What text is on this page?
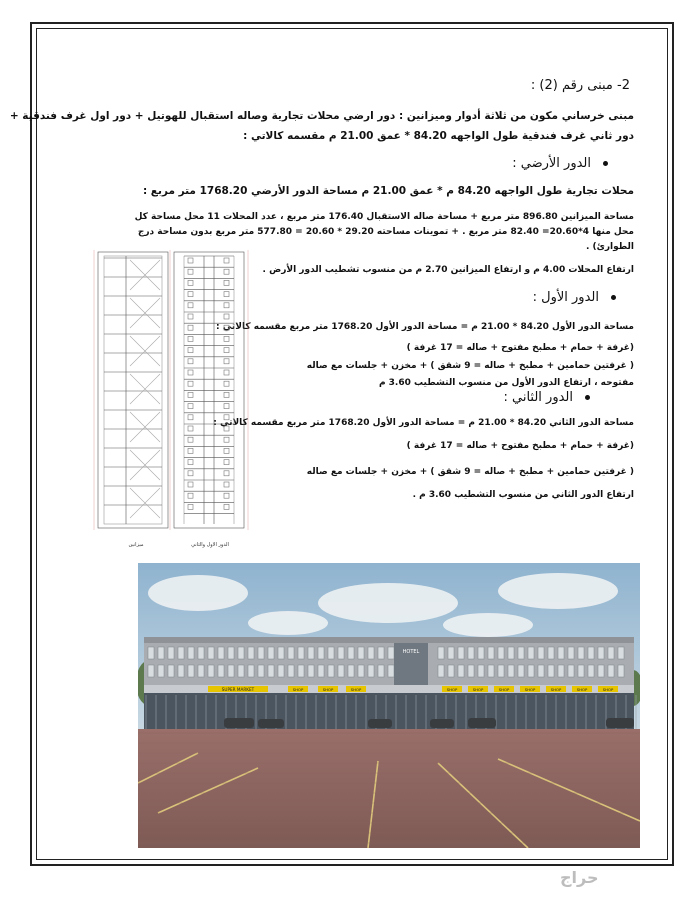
2- مبنى رقم (2) :
مبنى خرساني مكون من ثلاثة أدوار وميزانين : دور ارضي محلات تجارية وصاله استقبال للهوتيل + دور اول غرف فندقية +
دور ثاني غرف فندقية طول الواجهه 84.20 * عمق 21.00 م مقسمه كالاتي :
الدور الأرضي :
محلات تجارية طول الواجهه 84.20 م * عمق 21.00 م مساحة الدور الأرضي 1768.20 متر مربع :
مساحة الميزانين 896.80 متر مربع + مساحة صاله الاستقبال 176.40 متر مربع ، عدد المحلات 11 محل مساحة كل
محل منها 4*20.60= 82.40 متر مربع . + تموينات مساحته 29.20 * 20.60 = 577.80 متر مربع بدون مساحة درج
الطوارئ) .
ارتفاع المحلات 4.00 م و ارتفاع الميزانين 2.70 م من منسوب تشطيب الدور الأرض .
الدور الأول :
مساحة الدور الأول 84.20 * 21.00 م = مساحة الدور الأول 1768.20 متر مربع مقسمه كالاتي :
(غرفة + حمام + مطبخ مفتوح + صاله = 17 غرفة )
( غرفتين حمامين + مطبخ + صاله = 9 شقق ) + مخزن + جلسات مع صاله
مفتوحه ، ارتفاع الدور الأول من منسوب التشطيب 3.60 م
الدور الثاني :
مساحة الدور الثاني 84.20 * 21.00 م = مساحة الدور الأول 1768.20 متر مربع مقسمه كالاتي :
(غرفة + حمام + مطبخ مفتوح + صاله = 17 غرفة )
( غرفتين حمامين + مطبخ + صاله = 9 شقق ) + مخزن + جلسات مع صاله
ارتفاع الدور الثاني من منسوب التشطيب 3.60 م .
ميزانين	الدور الاول والثاني
HOTEL
SUPER MARKET	SHOP	SHOP	SHOP	SHOP	SHOP	SHOP	SHOP	SHOP	SHOP	SHOP
حراج
